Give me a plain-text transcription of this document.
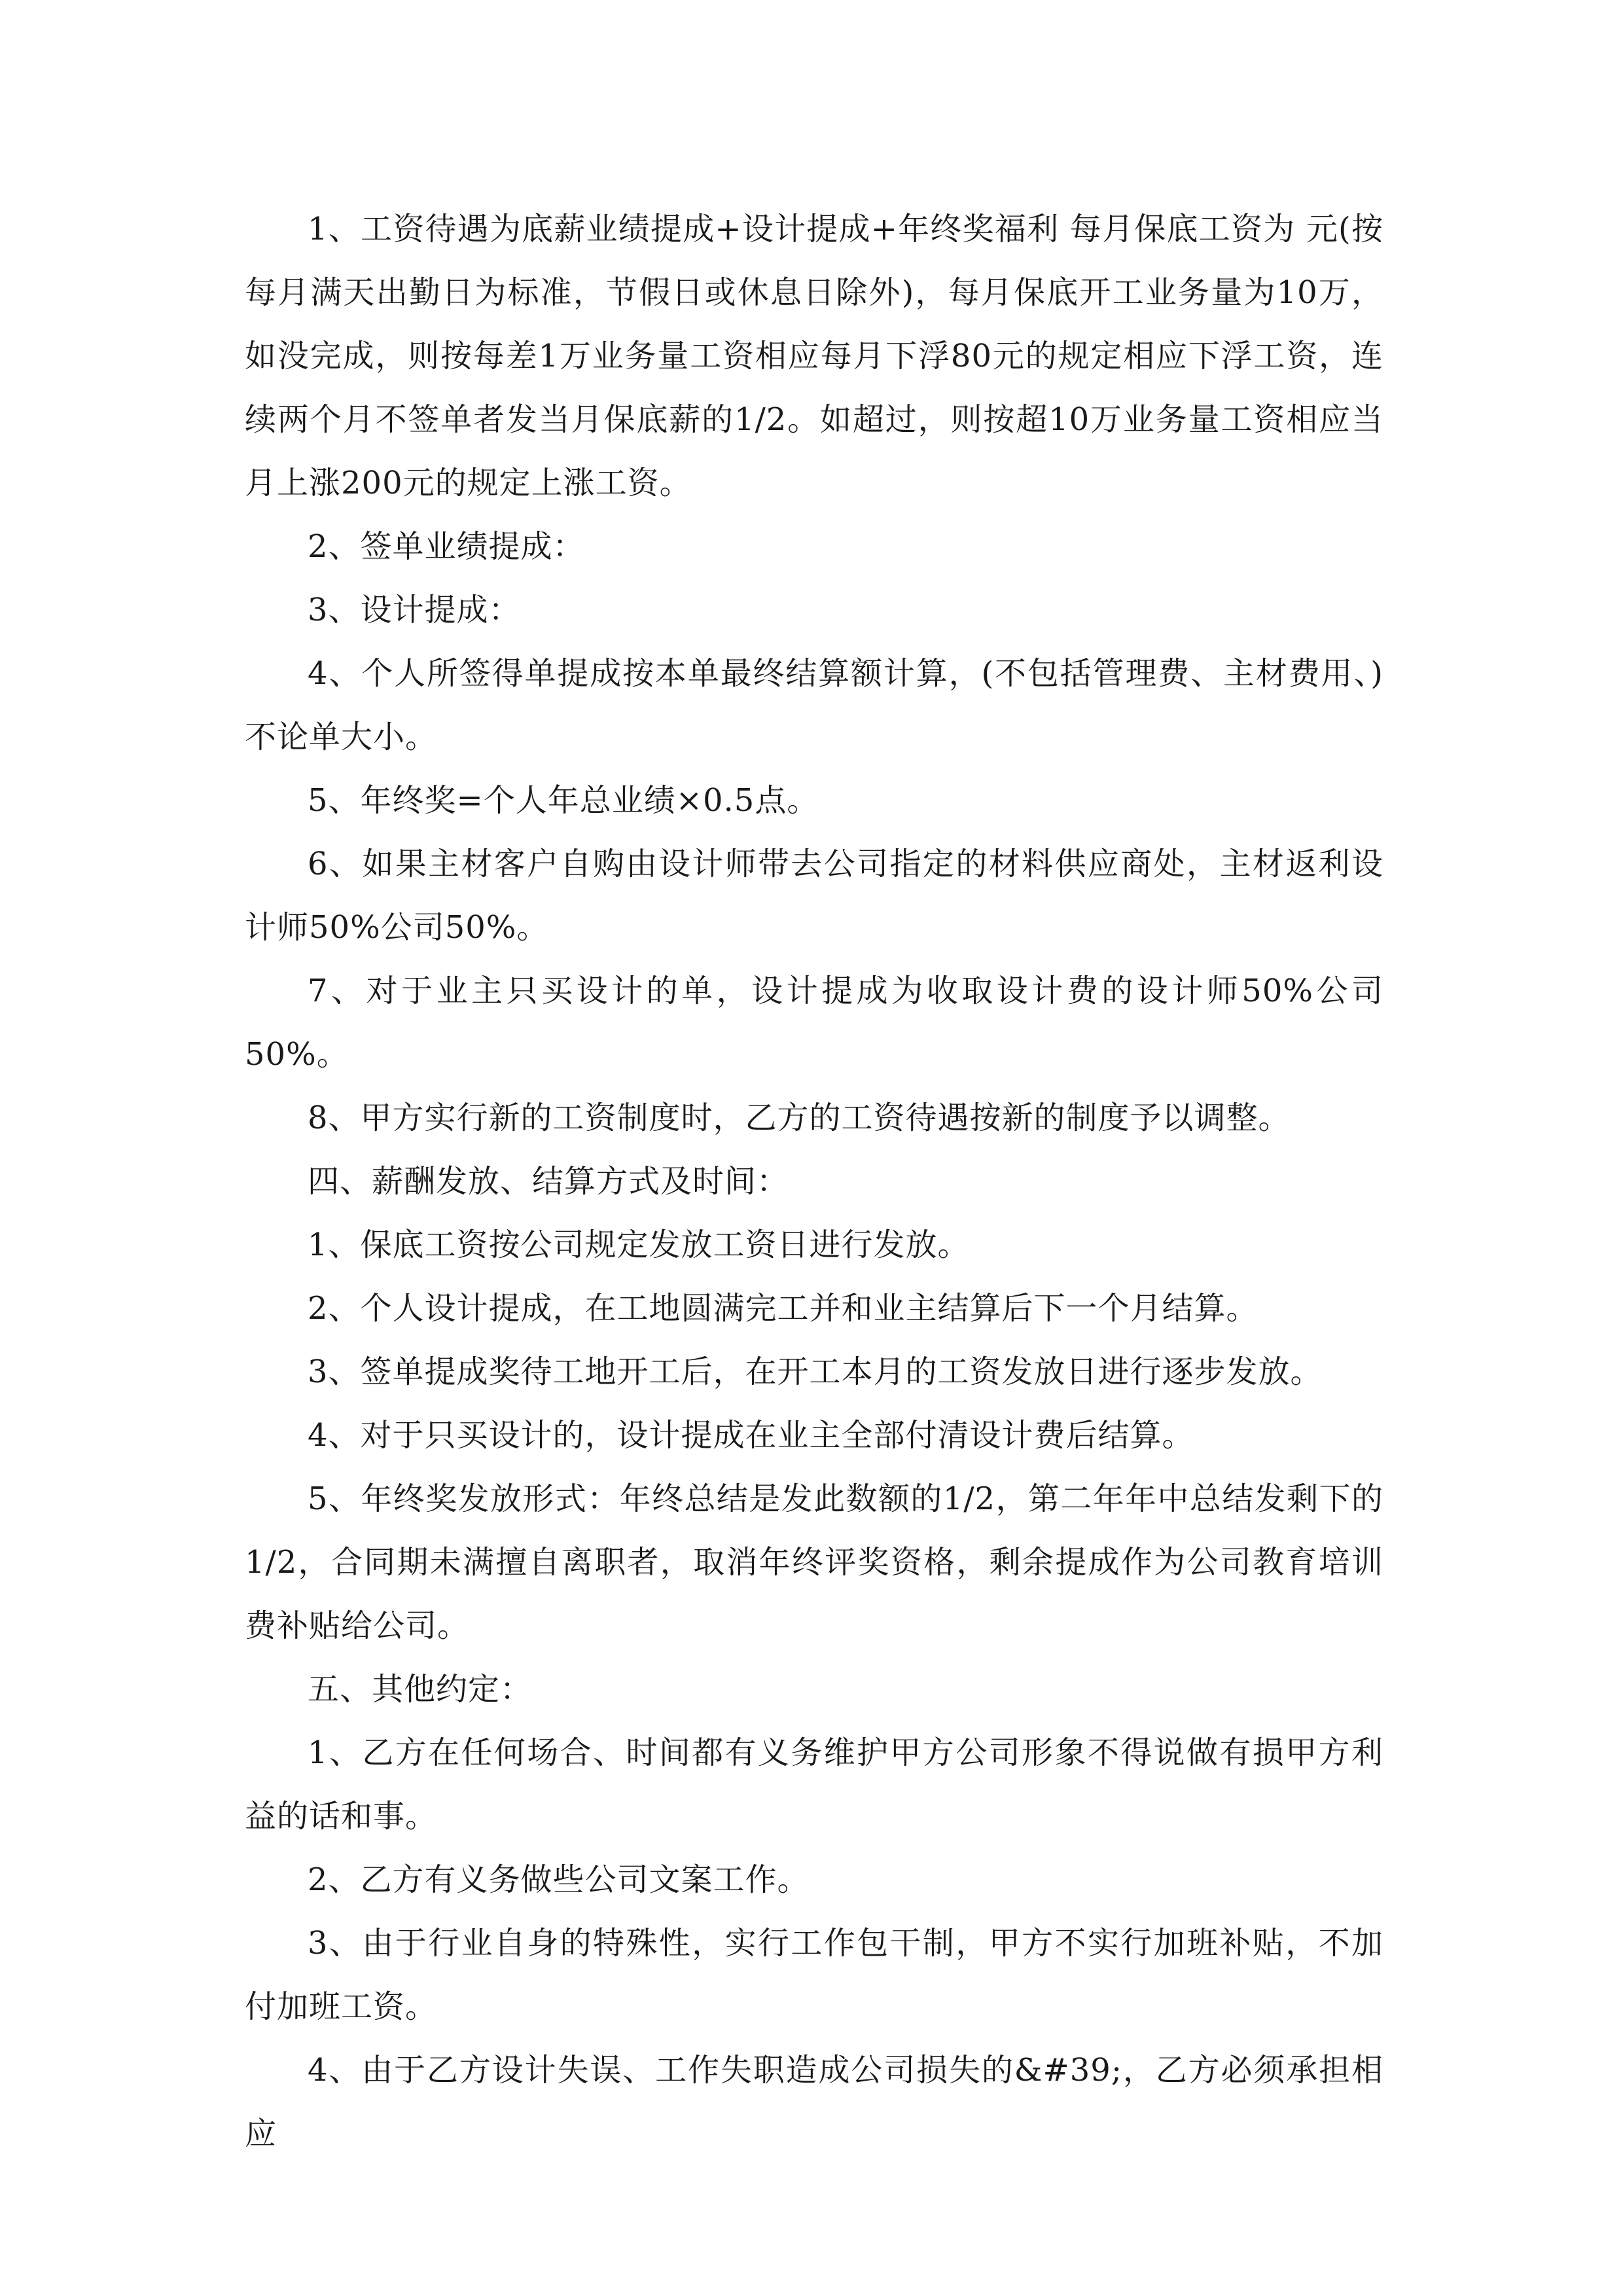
1、工资待遇为底薪业绩提成+设计提成+年终奖福利 每月保底工资为 元(按每月满天出勤日为标准，节假日或休息日除外)，每月保底开工业务量为10万，如没完成，则按每差1万业务量工资相应每月下浮80元的规定相应下浮工资，连续两个月不签单者发当月保底薪的1/2。如超过，则按超10万业务量工资相应当月上涨200元的规定上涨工资。

2、签单业绩提成：

3、设计提成：

4、个人所签得单提成按本单最终结算额计算，(不包括管理费、主材费用、)不论单大小。

5、年终奖=个人年总业绩×0.5点。

6、如果主材客户自购由设计师带去公司指定的材料供应商处，主材返利设计师50%公司50%。

7、对于业主只买设计的单，设计提成为收取设计费的设计师50%公司50%。

8、甲方实行新的工资制度时，乙方的工资待遇按新的制度予以调整。

四、薪酬发放、结算方式及时间：

1、保底工资按公司规定发放工资日进行发放。

2、个人设计提成，在工地圆满完工并和业主结算后下一个月结算。

3、签单提成奖待工地开工后，在开工本月的工资发放日进行逐步发放。

4、对于只买设计的，设计提成在业主全部付清设计费后结算。

5、年终奖发放形式：年终总结是发此数额的1/2，第二年年中总结发剩下的1/2，合同期未满擅自离职者，取消年终评奖资格，剩余提成作为公司教育培训费补贴给公司。

五、其他约定：

1、乙方在任何场合、时间都有义务维护甲方公司形象不得说做有损甲方利益的话和事。

2、乙方有义务做些公司文案工作。

3、由于行业自身的特殊性，实行工作包干制，甲方不实行加班补贴，不加付加班工资。

4、由于乙方设计失误、工作失职造成公司损失的&#39;，乙方必须承担相应
